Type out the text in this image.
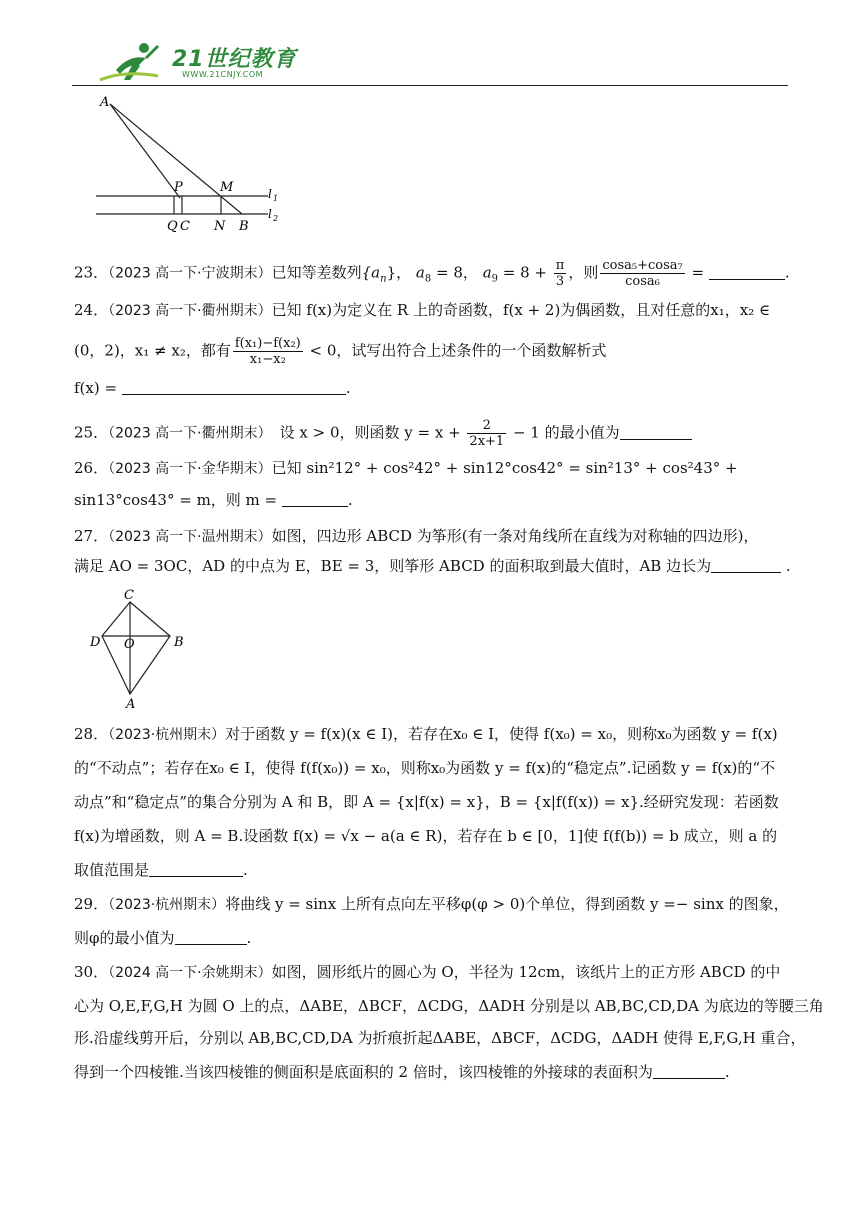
21世纪教育
WWW.21CNJY.COM
A
P	M
Q C N B
l 1
l 2
23．（2023 高一下·宁波期末）已知等差数列$\{a_n\}$， $a_8 = 8$， $a_9 = 8 + \frac{\pi}{3}$ ，则 $\frac{\text{cosa₅+cosa₇}}{\text{cosa₆}}$ =	.
24．（2023 高一下·衢州期末）已知 f(x)为定义在 R 上的奇函数，f(x + 2)为偶函数，且对任意的x₁，x₂ ∈
(0，2)，x₁ ≠ x₂，都有 $\frac{\text{f(x₁)−f(x₂)}}{\text{x₁−x₂}} < 0$，试写出符合上述条件的一个函数解析式
f(x) =	.
25．（2023 高一下·衢州期末）　设 x > 0，则函数 $y = x + \frac{2}{2x+1} - 1$ 的最小值为
26．（2023 高一下·金华期末）已知 sin²12° + cos²42° + sin12°cos42° = sin²13° + cos²43° +
sin13°cos43° = m，则 m =	.
27．（2023 高一下·温州期末）如图，四边形 ABCD 为筝形(有一条对角线所在直线为对称轴的四边形)，
满足 AO = 3OC，AD 的中点为 E，BE = 3，则筝形 ABCD 的面积取到最大值时，AB 边长为	.
C
D O	B
A
28．（2023·杭州期末）对于函数 y = f(x)(x ∈ I)，若存在x₀ ∈ I，使得 f(x₀) = x₀，则称x₀为函数 y = f(x)
的“不动点”；若存在x₀ ∈ I，使得 f(f(x₀)) = x₀，则称x₀为函数 y = f(x)的“稳定点”.记函数 y = f(x)的“不
动点”和“稳定点”的集合分别为 A 和 B，即 A = {x|f(x) = x}，B = {x|f(f(x)) = x}.经研究发现：若函数
f(x)为增函数，则 A = B.设函数 f(x) = √x − a(a ∈ R)，若存在 b ∈ [0，1]使 f(f(b)) = b 成立，则 a 的
取值范围是	.
29．（2023·杭州期末）将曲线 y = sinx 上所有点向左平移φ(φ > 0)个单位，得到函数 y =− sinx 的图象，
则φ的最小值为	.
30．（2024 高一下·余姚期末）如图，圆形纸片的圆心为 O，半径为 12cm，该纸片上的正方形 ABCD 的中
心为 O,E,F,G,H 为圆 O 上的点，ΔABE，ΔBCF，ΔCDG，ΔADH 分别是以 AB,BC,CD,DA 为底边的等腰三角
形.沿虚线剪开后，分别以 AB,BC,CD,DA 为折痕折起ΔABE，ΔBCF，ΔCDG，ΔADH 使得 E,F,G,H 重合，
得到一个四棱锥.当该四棱锥的侧面积是底面积的 2 倍时，该四棱锥的外接球的表面积为	.
